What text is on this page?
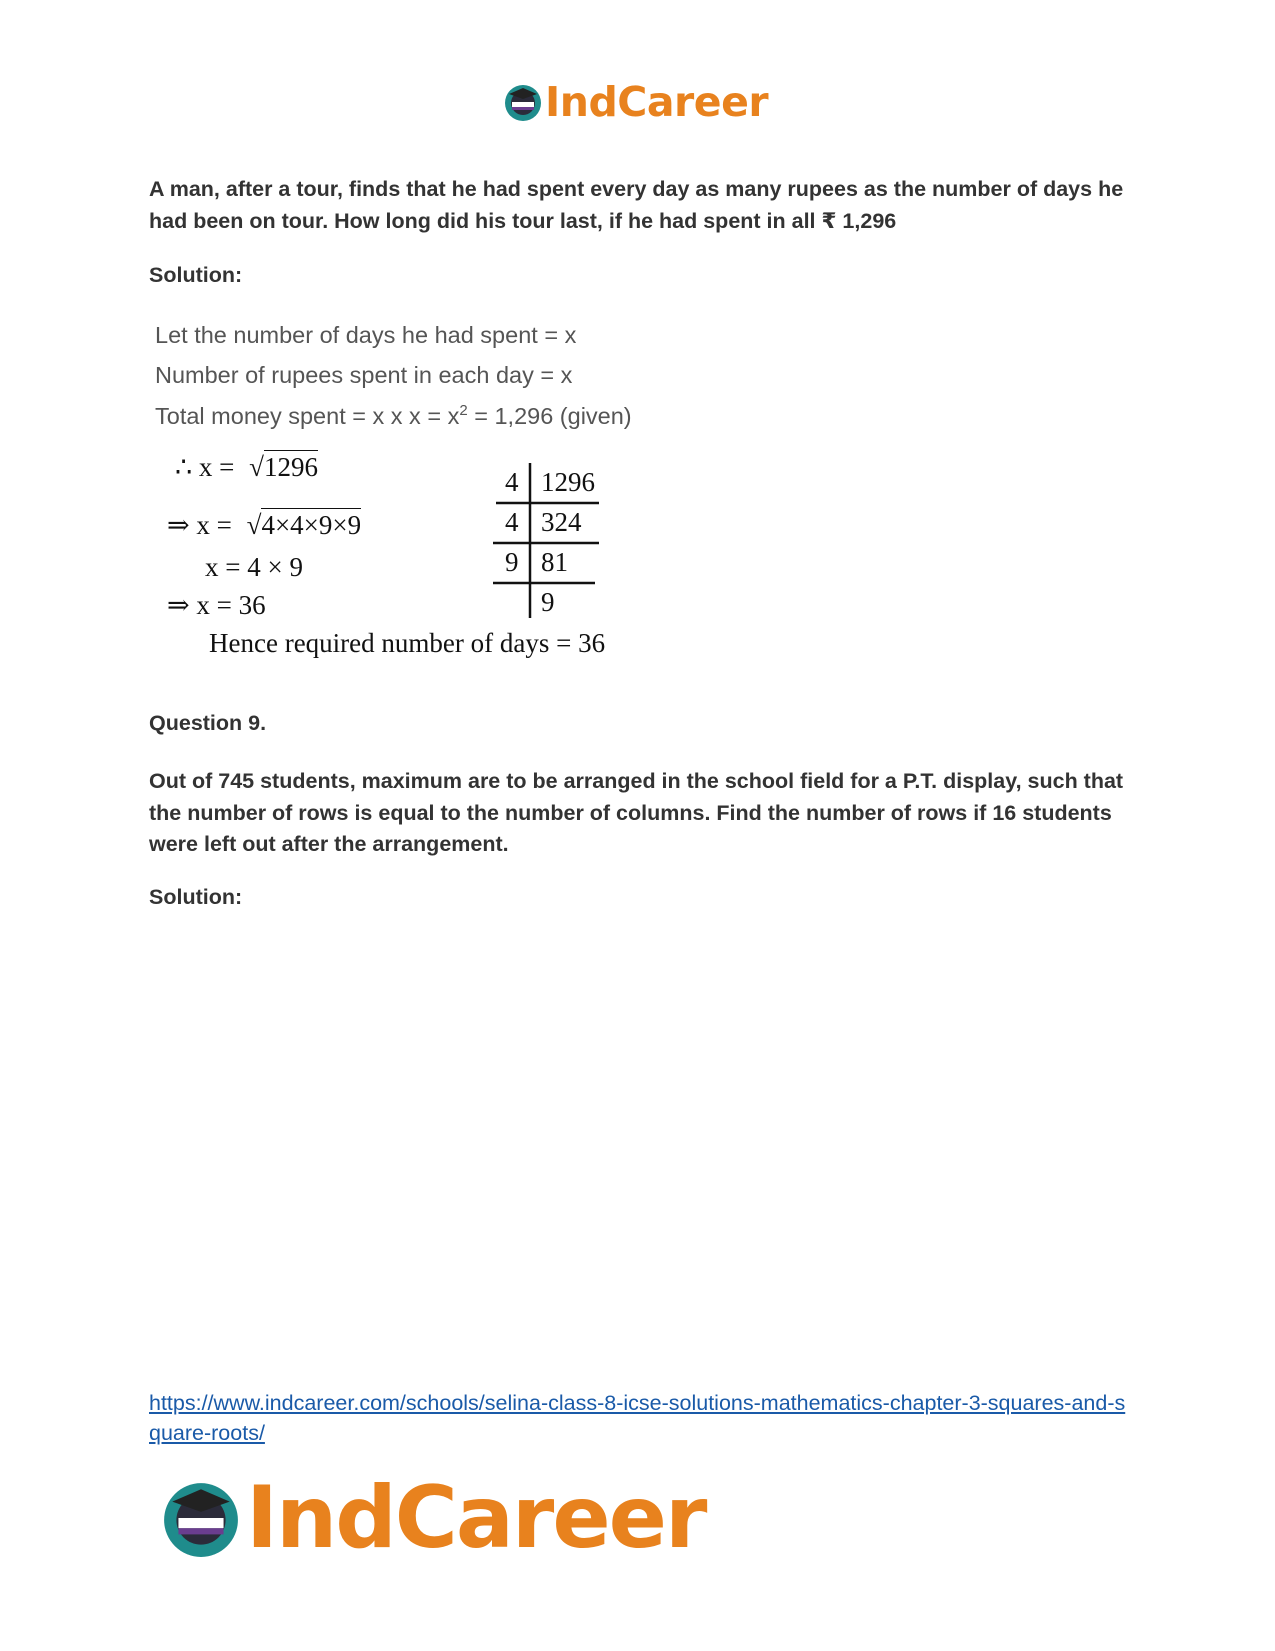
IndCareer
A man, after a tour, finds that he had spent every day as many rupees as the number of days he had been on tour. How long did his tour last, if he had spent in all ₹ 1,296
Solution:
Let the number of days he had spent = x
Number of rupees spent in each day = x
Total money spent = x x $x = x^2 = 1,296$ (given)
∴ x = √1296
⇒ x = √4×4×9×9
x = 4 × 9
⇒ x = 36
Hence required number of days = 36
4 1296
4 324
9 81
9
Question 9.
Out of 745 students, maximum are to be arranged in the school field for a P.T. display, such that the number of rows is equal to the number of columns. Find the number of rows if 16 students were left out after the arrangement.
Solution:
https://www.indcareer.com/schools/selina-class-8-icse-solutions-mathematics-chapter-3-squares-and-square-roots/
IndCareer
